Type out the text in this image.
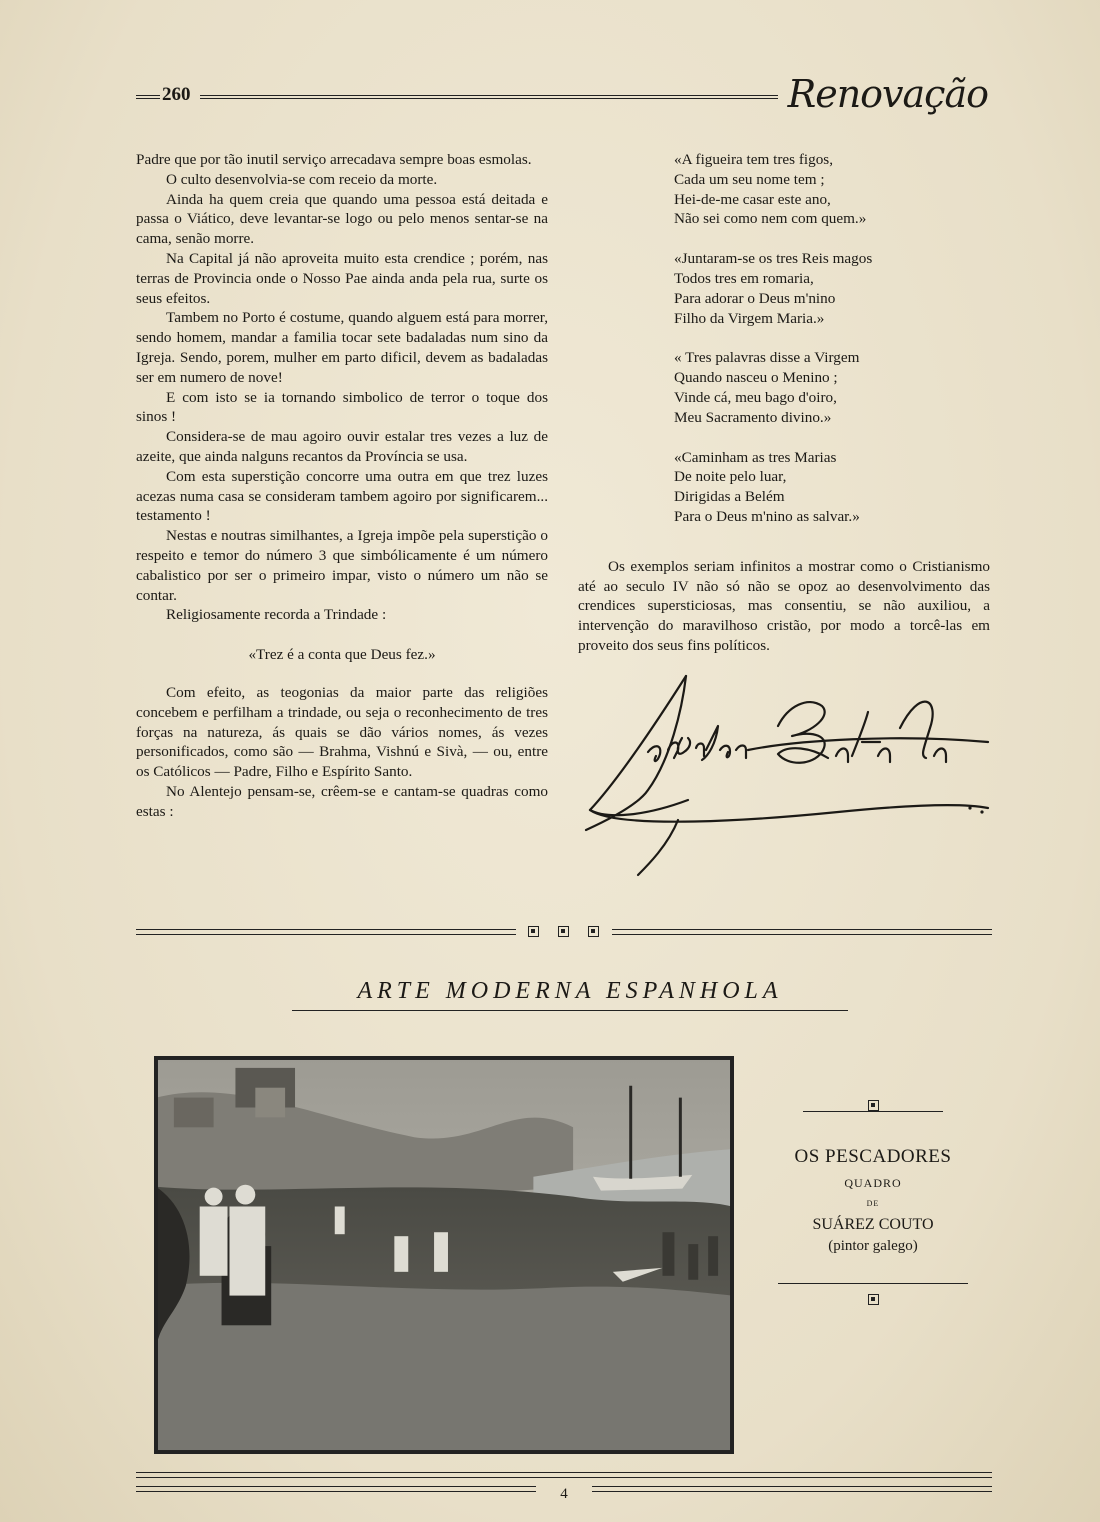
260	Renovação

Padre que por tão inutil serviço arrecadava sempre boas esmolas.

O culto desenvolvia-se com receio da morte.

Ainda ha quem creia que quando uma pessoa está deitada e passa o Viático, deve levantar-se logo ou pelo menos sentar-se na cama, senão morre.

Na Capital já não aproveita muito esta crendice ; porém, nas terras de Provincia onde o Nosso Pae ainda anda pela rua, surte os seus efeitos.

Tambem no Porto é costume, quando alguem está para morrer, sendo homem, mandar a familia tocar sete badaladas num sino da Igreja. Sendo, porem, mulher em parto dificil, devem as badaladas ser em numero de nove!

E com isto se ia tornando simbolico de terror o toque dos sinos !

Considera-se de mau agoiro ouvir estalar tres vezes a luz de azeite, que ainda nalguns recantos da Província se usa.

Com esta superstição concorre uma outra em que trez luzes acezas numa casa se consideram tambem agoiro por significarem... testamento !

Nestas e noutras similhantes, a Igreja impõe pela superstição o respeito e temor do número 3 que simbólicamente é um número cabalistico por ser o primeiro impar, visto o número um não se contar.

Religiosamente recorda a Trindade :

«Trez é a conta que Deus fez.»

Com efeito, as teogonias da maior parte das religiões concebem e perfilham a trindade, ou seja o reconhecimento de tres forças na natureza, ás quais se dão vários nomes, ás vezes personificados, como são — Brahma, Vishnú e Sivà, — ou, entre os Católicos — Padre, Filho e Espírito Santo.

No Alentejo pensam-se, crêem-se e cantam-se quadras como estas :

«A figueira tem tres figos,
Cada um seu nome tem ;
Hei-de-me casar este ano,
Não sei como nem com quem.»
«Juntaram-se os tres Reis magos
Todos tres em romaria,
Para adorar o Deus m'nino
Filho da Virgem Maria.»
« Tres palavras disse a Virgem
Quando nasceu o Menino ;
Vinde cá, meu bago d'oiro,
Meu Sacramento divino.»
«Caminham as tres Marias
De noite pelo luar,
Dirigidas a Belém
Para o Deus m'nino as salvar.»

Os exemplos seriam infinitos a mostrar como o Cristianismo até ao seculo IV não só não se opoz ao desenvolvimento das crendices supersticiosas, mas consentiu, se não auxiliou, a intervenção do maravilhoso cristão, por modo a torcê-las em proveito dos seus fins políticos.

ARTE MODERNA ESPANHOLA
OS PESCADORES
QUADRO
DE
SUÁREZ COUTO
(pintor galego)
4
